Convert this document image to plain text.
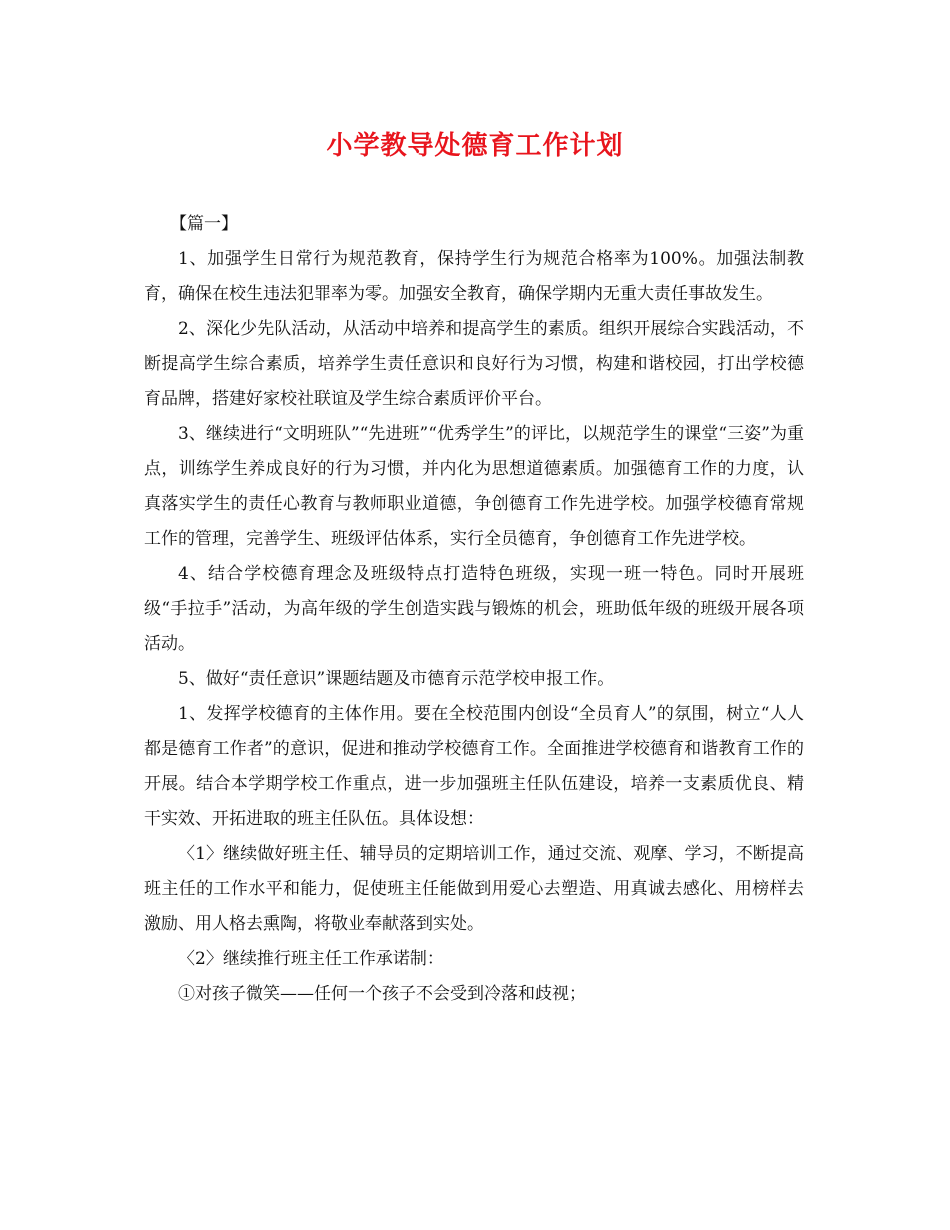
小学教导处德育工作计划

【篇一】

1、加强学生日常行为规范教育，保持学生行为规范合格率为100%。加强法制教育，确保在校生违法犯罪率为零。加强安全教育，确保学期内无重大责任事故发生。

2、深化少先队活动，从活动中培养和提高学生的素质。组织开展综合实践活动，不断提高学生综合素质，培养学生责任意识和良好行为习惯，构建和谐校园，打出学校德育品牌，搭建好家校社联谊及学生综合素质评价平台。

3、继续进行“文明班队”“先进班”“优秀学生”的评比，以规范学生的课堂“三姿”为重点，训练学生养成良好的行为习惯，并内化为思想道德素质。加强德育工作的力度，认真落实学生的责任心教育与教师职业道德，争创德育工作先进学校。加强学校德育常规工作的管理，完善学生、班级评估体系，实行全员德育，争创德育工作先进学校。

4、结合学校德育理念及班级特点打造特色班级，实现一班一特色。同时开展班级“手拉手”活动，为高年级的学生创造实践与锻炼的机会，班助低年级的班级开展各项活动。

5、做好“责任意识”课题结题及市德育示范学校申报工作。

1、发挥学校德育的主体作用。要在全校范围内创设“全员育人”的氛围，树立“人人都是德育工作者”的意识，促进和推动学校德育工作。全面推进学校德育和谐教育工作的开展。结合本学期学校工作重点，进一步加强班主任队伍建设，培养一支素质优良、精干实效、开拓进取的班主任队伍。具体设想：

〈1〉继续做好班主任、辅导员的定期培训工作，通过交流、观摩、学习，不断提高班主任的工作水平和能力，促使班主任能做到用爱心去塑造、用真诚去感化、用榜样去激励、用人格去熏陶，将敬业奉献落到实处。

〈2〉继续推行班主任工作承诺制：

①对孩子微笑——任何一个孩子不会受到冷落和歧视；
